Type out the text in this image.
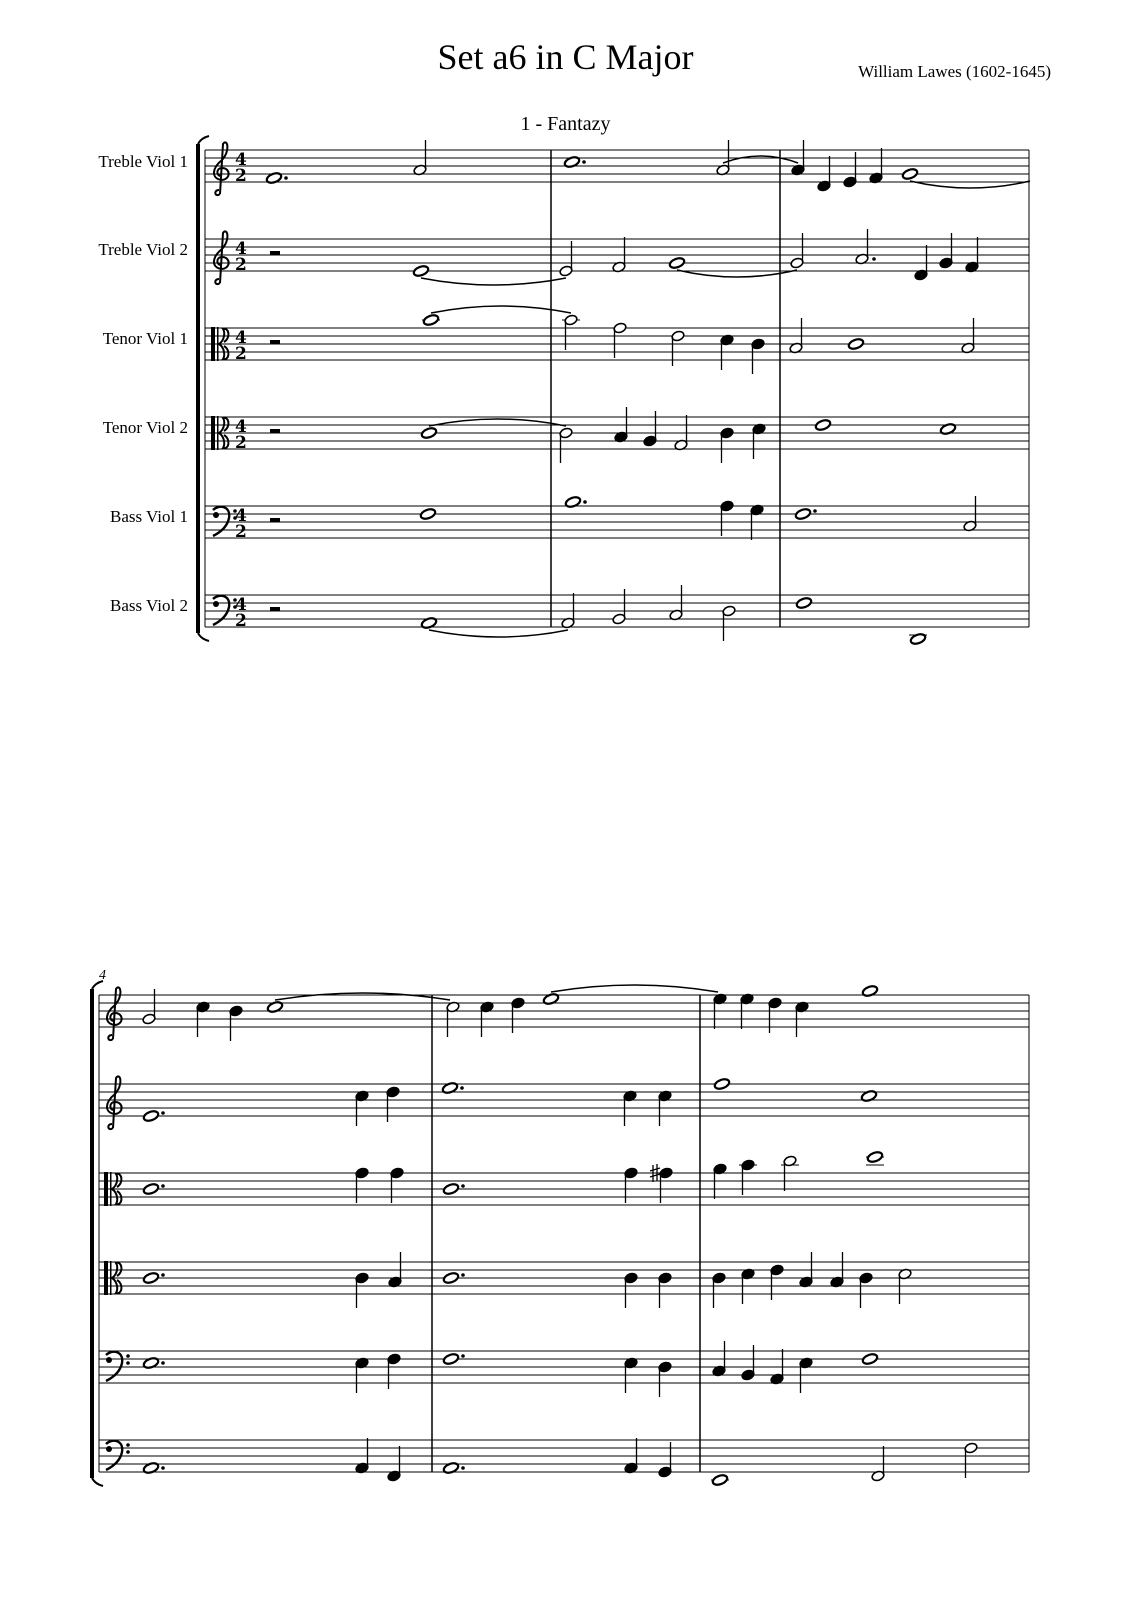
Set a6 in C Major	William Lawes (1602-1645)
1 - Fantazy
Treble Viol 1
Treble Viol 2
Tenor Viol 1
Tenor Viol 2
Bass Viol 1
Bass Viol 2
4
4
2
4
2
4
2
4
2
4
2
4
2
